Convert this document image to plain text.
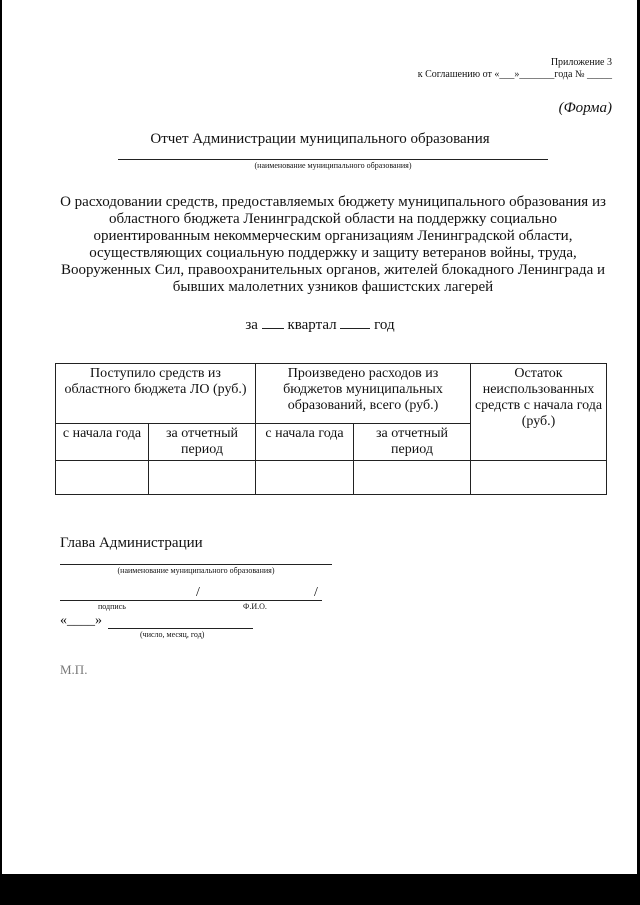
Приложение 3
к Соглашению от «___»_______года № _____
(Форма)
Отчет Администрации муниципального образования
(наименование муниципального образования)
О расходовании средств, предоставляемых бюджету муниципального образования из областного бюджета Ленинградской области на поддержку социально ориентированным некоммерческим организациям Ленинградской области, осуществляющих социальную поддержку и защиту ветеранов войны, труда, Вооруженных Сил, правоохранительных органов, жителей блокадного Ленинграда и бывших малолетних узников фашистских лагерей
за квартал	год
Поступило средств из областного бюджета ЛО (руб.)		Произведено расходов из бюджетов муниципальных образований, всего (руб.)		Остаток неиспользованных средств с начала года (руб.)
с начала года	за отчетный период	с начала года	за отчетный период	

Глава Администрации
(наименование муниципального образования)
/	/
подпись	Ф.И.О.
«____»
(число, месяц, год)
М.П.
